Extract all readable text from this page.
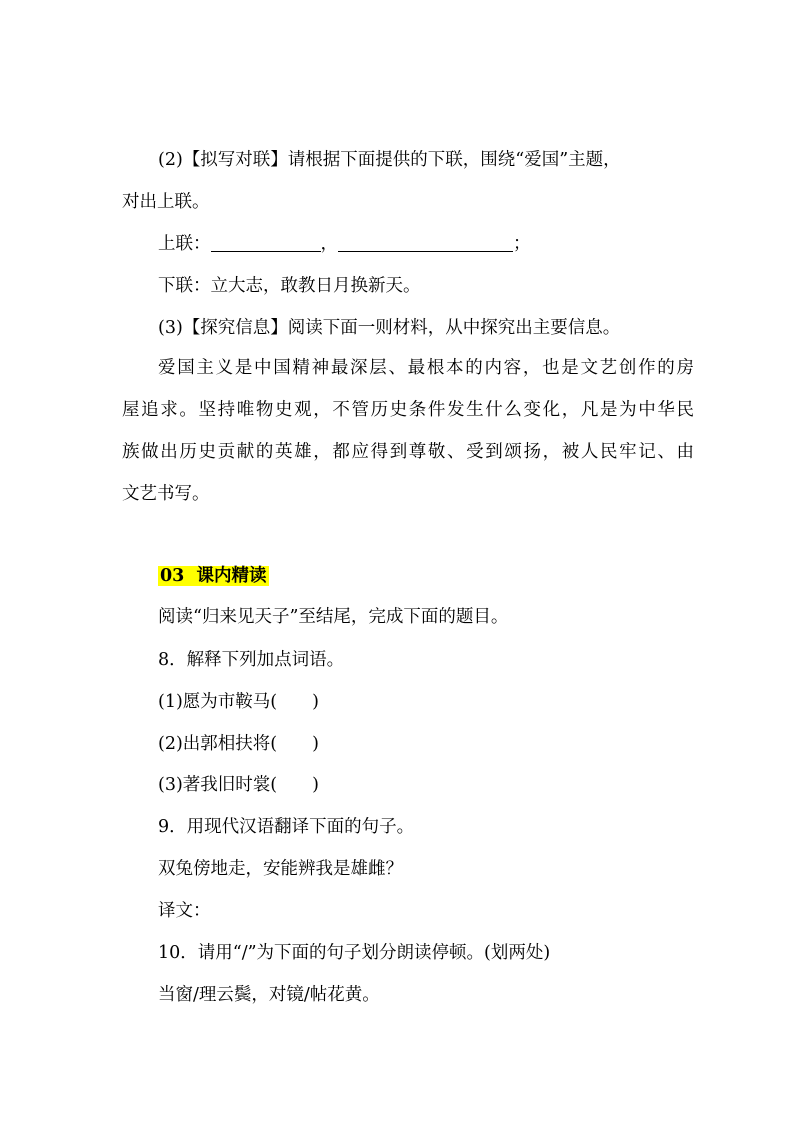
(2)【拟写对联】请根据下面提供的下联，围绕“爱国”主题，
对出上联。
上联：	，	；
下联：立大志，敢教日月换新天。
(3)【探究信息】阅读下面一则材料，从中探究出主要信息。
爱国主义是中国精神最深层、最根本的内容，也是文艺创作的房
屋追求。坚持唯物史观，不管历史条件发生什么变化，凡是为中华民
族做出历史贡献的英雄，都应得到尊敬、受到颂扬，被人民牢记、由
文艺书写。
03 课内精读
阅读“归来见天子”至结尾，完成下面的题目。
8．解释下列加点词语。
(1)愿为市鞍马(　　)
(2)出郭相扶将(　　)
(3)著我旧时裳(　　)
9．用现代汉语翻译下面的句子。
双兔傍地走，安能辨我是雄雌？
译文：
10．请用“/”为下面的句子划分朗读停顿。(划两处)
当窗/理云鬓，对镜/帖花黄。
